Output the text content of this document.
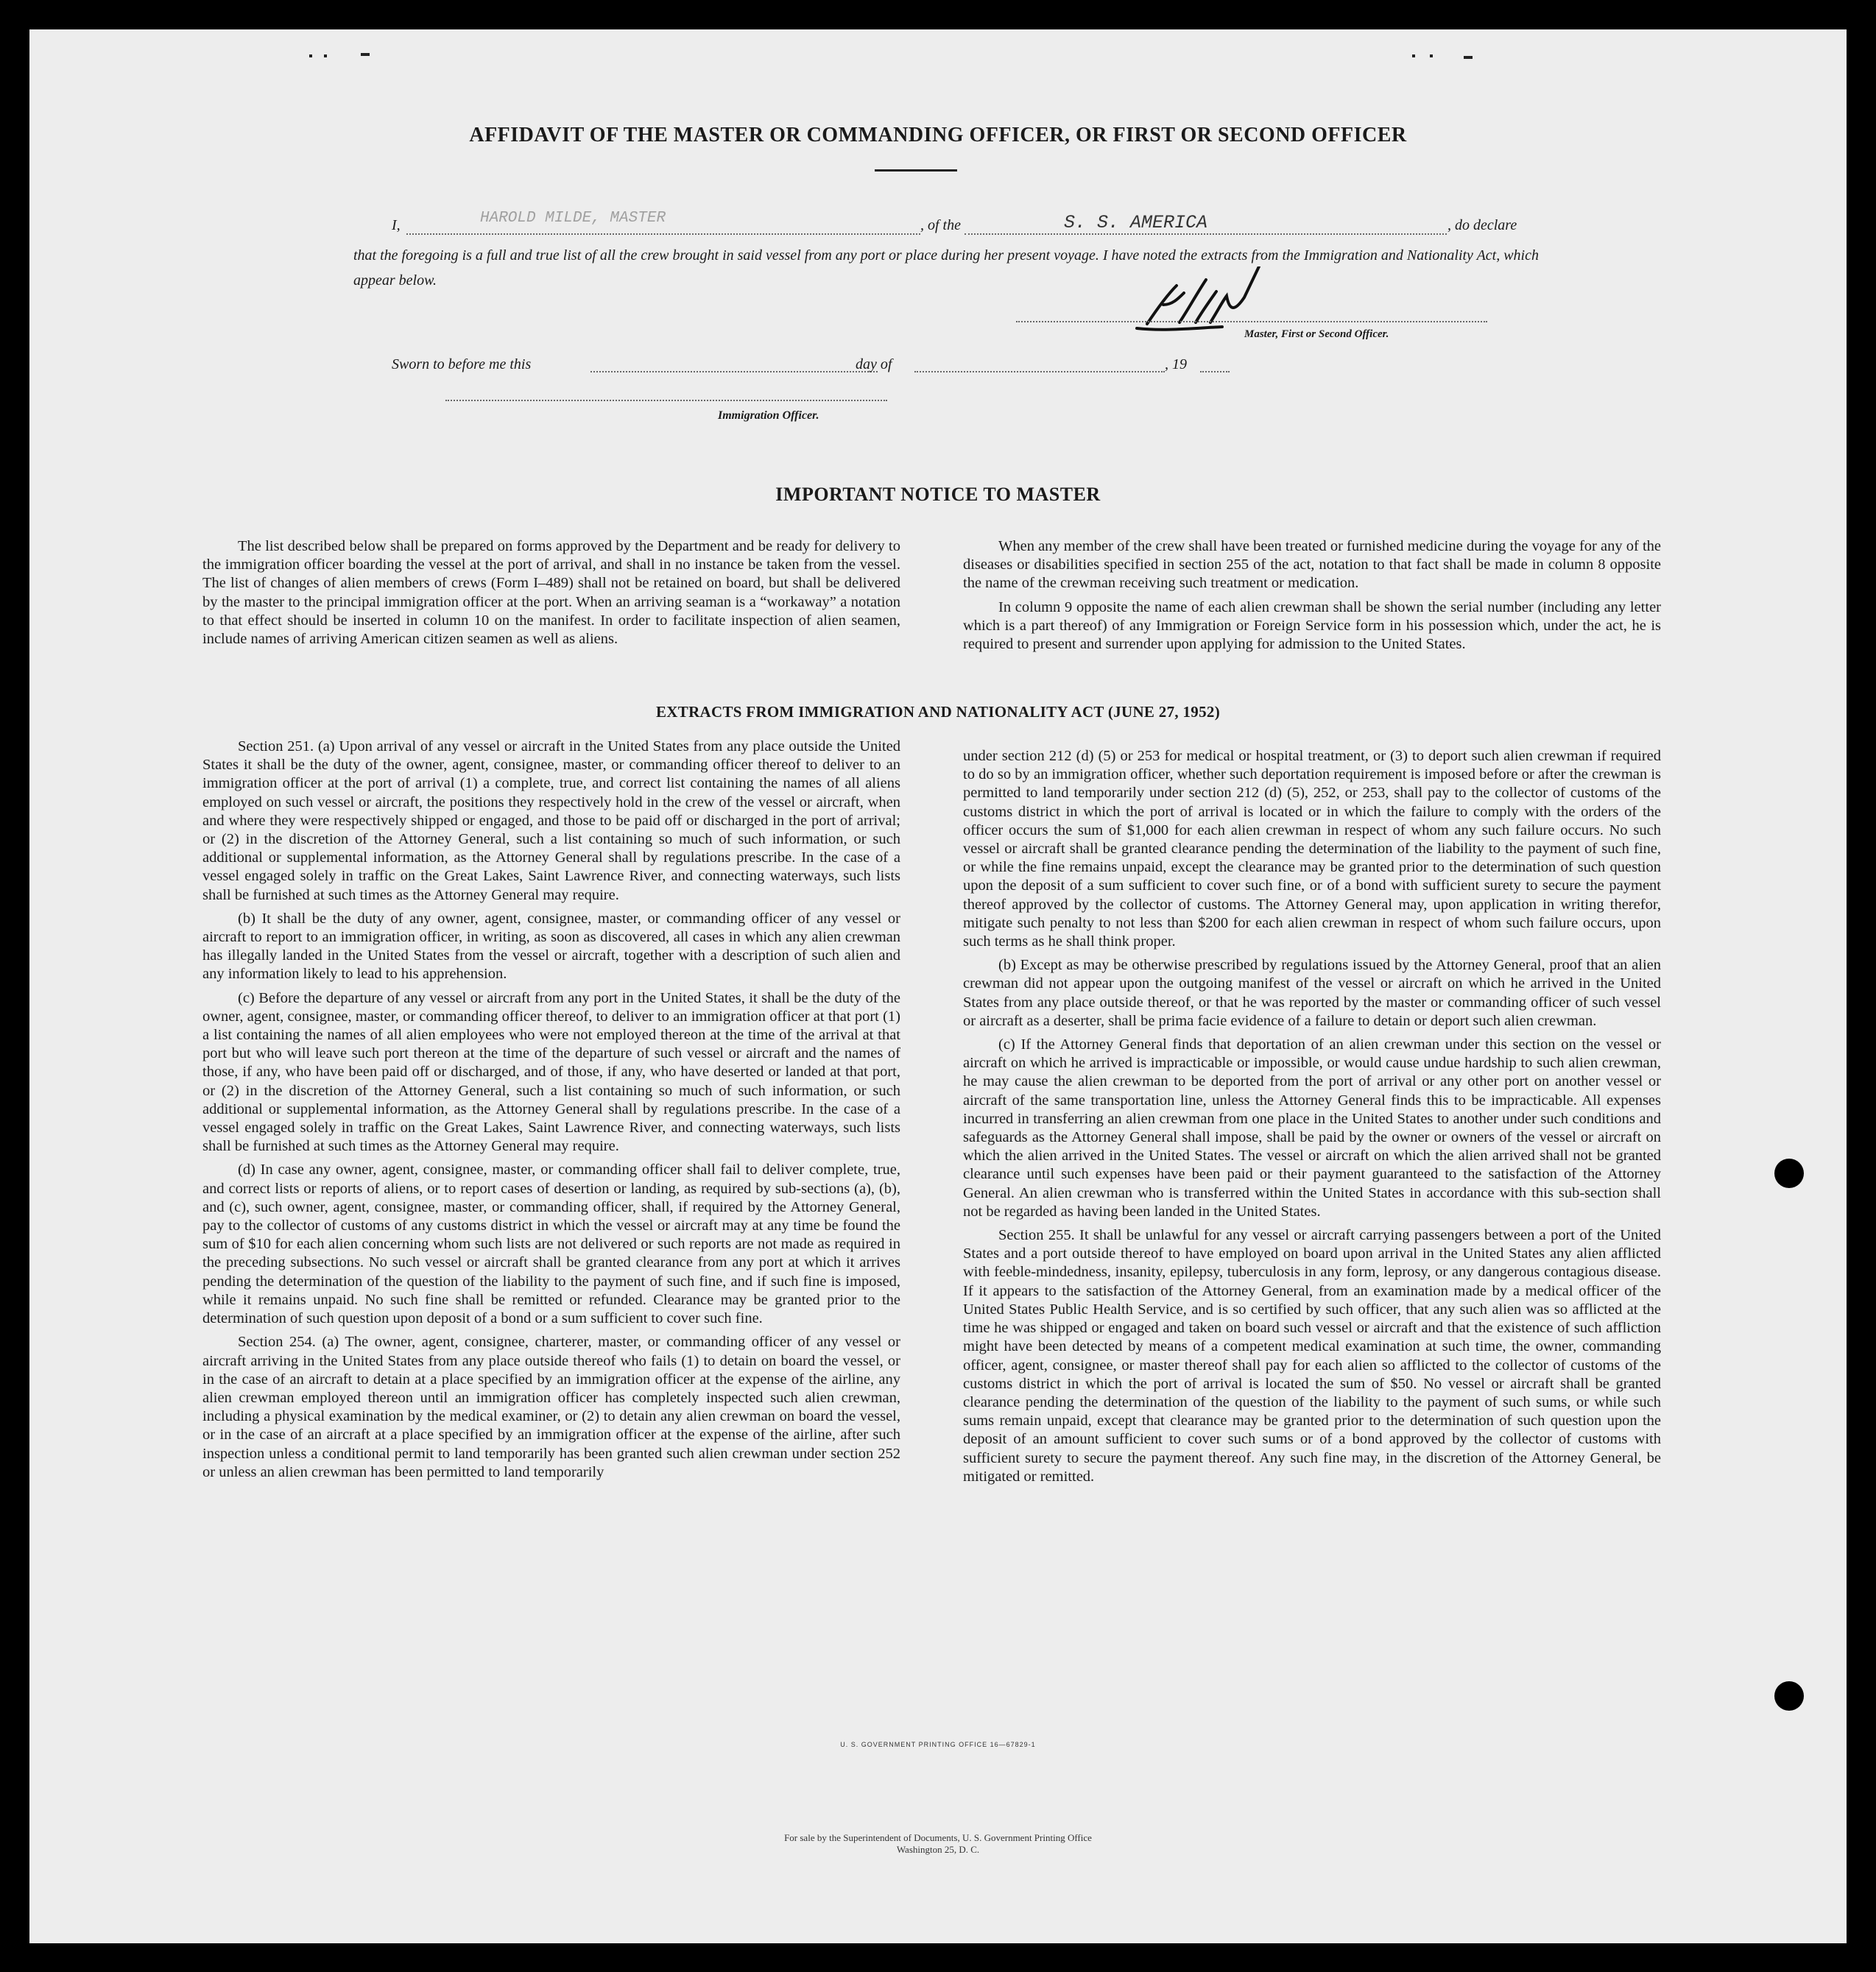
AFFIDAVIT OF THE MASTER OR COMMANDING OFFICER, OR FIRST OR SECOND OFFICER
I,	HAROLD MILDE, MASTER	, of the	S. S. AMERICA	, do declare
that the foregoing is a full and true list of all the crew brought in said vessel from any port or place during her present voyage. I have noted the extracts from the Immigration and Nationality Act, which appear below.
Master, First or Second Officer.
Sworn to before me this	day of	, 19
Immigration Officer.
IMPORTANT NOTICE TO MASTER

The list described below shall be prepared on forms approved by the Department and be ready for delivery to the immigration officer boarding the vessel at the port of arrival, and shall in no instance be taken from the vessel. The list of changes of alien members of crews (Form I–489) shall not be retained on board, but shall be delivered by the master to the principal immigration officer at the port. When an arriving seaman is a “workaway” a notation to that effect should be inserted in column 10 on the manifest. In order to facilitate inspection of alien seamen, include names of arriving American citizen seamen as well as aliens.

When any member of the crew shall have been treated or furnished medicine during the voyage for any of the diseases or disabilities specified in section 255 of the act, notation to that fact shall be made in column 8 opposite the name of the crewman receiving such treatment or medication.

In column 9 opposite the name of each alien crewman shall be shown the serial number (including any letter which is a part thereof) of any Immigration or Foreign Service form in his possession which, under the act, he is required to present and surrender upon applying for admission to the United States.

EXTRACTS FROM IMMIGRATION AND NATIONALITY ACT (JUNE 27, 1952)

Section 251. (a) Upon arrival of any vessel or aircraft in the United States from any place outside the United States it shall be the duty of the owner, agent, consignee, master, or commanding officer thereof to deliver to an immigration officer at the port of arrival (1) a complete, true, and correct list containing the names of all aliens employed on such vessel or aircraft, the positions they respectively hold in the crew of the vessel or aircraft, when and where they were respectively shipped or engaged, and those to be paid off or discharged in the port of arrival; or (2) in the discretion of the Attorney General, such a list containing so much of such information, or such additional or supplemental information, as the Attorney General shall by regulations prescribe. In the case of a vessel engaged solely in traffic on the Great Lakes, Saint Lawrence River, and connecting waterways, such lists shall be furnished at such times as the Attorney General may require.

(b) It shall be the duty of any owner, agent, consignee, master, or commanding officer of any vessel or aircraft to report to an immigration officer, in writing, as soon as discovered, all cases in which any alien crewman has illegally landed in the United States from the vessel or aircraft, together with a description of such alien and any information likely to lead to his apprehension.

(c) Before the departure of any vessel or aircraft from any port in the United States, it shall be the duty of the owner, agent, consignee, master, or commanding officer thereof, to deliver to an immigration officer at that port (1) a list containing the names of all alien employees who were not employed thereon at the time of the arrival at that port but who will leave such port thereon at the time of the departure of such vessel or aircraft and the names of those, if any, who have been paid off or discharged, and of those, if any, who have deserted or landed at that port, or (2) in the discretion of the Attorney General, such a list containing so much of such information, or such additional or supplemental information, as the Attorney General shall by regulations prescribe. In the case of a vessel engaged solely in traffic on the Great Lakes, Saint Lawrence River, and connecting waterways, such lists shall be furnished at such times as the Attorney General may require.

(d) In case any owner, agent, consignee, master, or commanding officer shall fail to deliver complete, true, and correct lists or reports of aliens, or to report cases of desertion or landing, as required by sub-sections (a), (b), and (c), such owner, agent, consignee, master, or commanding officer, shall, if required by the Attorney General, pay to the collector of customs of any customs district in which the vessel or aircraft may at any time be found the sum of $10 for each alien concerning whom such lists are not delivered or such reports are not made as required in the preceding subsections. No such vessel or aircraft shall be granted clearance from any port at which it arrives pending the determination of the question of the liability to the payment of such fine, and if such fine is imposed, while it remains unpaid. No such fine shall be remitted or refunded. Clearance may be granted prior to the determination of such question upon deposit of a bond or a sum sufficient to cover such fine.

Section 254. (a) The owner, agent, consignee, charterer, master, or commanding officer of any vessel or aircraft arriving in the United States from any place outside thereof who fails (1) to detain on board the vessel, or in the case of an aircraft to detain at a place specified by an immigration officer at the expense of the airline, any alien crewman employed thereon until an immigration officer has completely inspected such alien crewman, including a physical examination by the medical examiner, or (2) to detain any alien crewman on board the vessel, or in the case of an aircraft at a place specified by an immigration officer at the expense of the airline, after such inspection unless a conditional permit to land temporarily has been granted such alien crewman under section 252 or unless an alien crewman has been permitted to land temporarily

under section 212 (d) (5) or 253 for medical or hospital treatment, or (3) to deport such alien crewman if required to do so by an immigration officer, whether such deportation requirement is imposed before or after the crewman is permitted to land temporarily under section 212 (d) (5), 252, or 253, shall pay to the collector of customs of the customs district in which the port of arrival is located or in which the failure to comply with the orders of the officer occurs the sum of $1,000 for each alien crewman in respect of whom any such failure occurs. No such vessel or aircraft shall be granted clearance pending the determination of the liability to the payment of such fine, or while the fine remains unpaid, except the clearance may be granted prior to the determination of such question upon the deposit of a sum sufficient to cover such fine, or of a bond with sufficient surety to secure the payment thereof approved by the collector of customs. The Attorney General may, upon application in writing therefor, mitigate such penalty to not less than $200 for each alien crewman in respect of whom such failure occurs, upon such terms as he shall think proper.

(b) Except as may be otherwise prescribed by regulations issued by the Attorney General, proof that an alien crewman did not appear upon the outgoing manifest of the vessel or aircraft on which he arrived in the United States from any place outside thereof, or that he was reported by the master or commanding officer of such vessel or aircraft as a deserter, shall be prima facie evidence of a failure to detain or deport such alien crewman.

(c) If the Attorney General finds that deportation of an alien crewman under this section on the vessel or aircraft on which he arrived is impracticable or impossible, or would cause undue hardship to such alien crewman, he may cause the alien crewman to be deported from the port of arrival or any other port on another vessel or aircraft of the same transportation line, unless the Attorney General finds this to be impracticable. All expenses incurred in transferring an alien crewman from one place in the United States to another under such conditions and safeguards as the Attorney General shall impose, shall be paid by the owner or owners of the vessel or aircraft on which the alien arrived in the United States. The vessel or aircraft on which the alien arrived shall not be granted clearance until such expenses have been paid or their payment guaranteed to the satisfaction of the Attorney General. An alien crewman who is transferred within the United States in accordance with this sub-section shall not be regarded as having been landed in the United States.

Section 255. It shall be unlawful for any vessel or aircraft carrying passengers between a port of the United States and a port outside thereof to have employed on board upon arrival in the United States any alien afflicted with feeble-mindedness, insanity, epilepsy, tuberculosis in any form, leprosy, or any dangerous contagious disease. If it appears to the satisfaction of the Attorney General, from an examination made by a medical officer of the United States Public Health Service, and is so certified by such officer, that any such alien was so afflicted at the time he was shipped or engaged and taken on board such vessel or aircraft and that the existence of such affliction might have been detected by means of a competent medical examination at such time, the owner, commanding officer, agent, consignee, or master thereof shall pay for each alien so afflicted to the collector of customs of the customs district in which the port of arrival is located the sum of $50. No vessel or aircraft shall be granted clearance pending the determination of the question of the liability to the payment of such sums, or while such sums remain unpaid, except that clearance may be granted prior to the determination of such question upon the deposit of an amount sufficient to cover such sums or of a bond approved by the collector of customs with sufficient surety to secure the payment thereof. Any such fine may, in the discretion of the Attorney General, be mitigated or remitted.

U. S. GOVERNMENT PRINTING OFFICE 16—67829-1
For sale by the Superintendent of Documents, U. S. Government Printing Office
Washington 25, D. C.
